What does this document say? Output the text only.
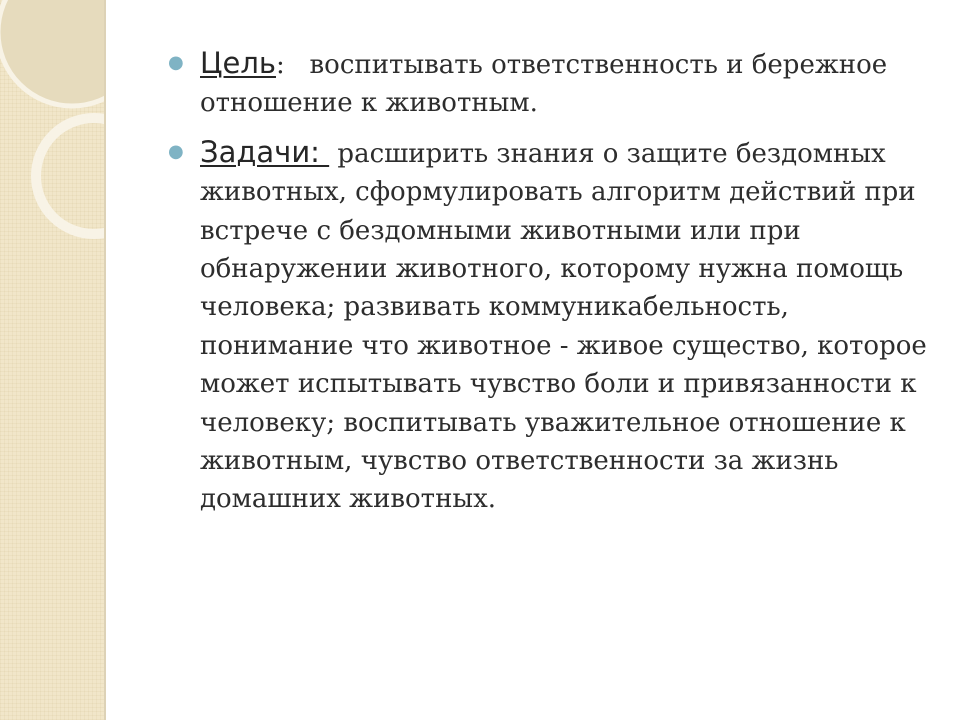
● Цель:   воспитывать ответственность и бережное отношение к животным.
● Задачи:  расширить знания о защите бездомных животных, сформулировать алгоритм действий при встрече с бездомными животными или при обнаружении животного, которому нужна помощь человека; развивать коммуникабельность, понимание что животное - живое существо, которое может испытывать чувство боли и привязанности к человеку; воспитывать уважительное отношение к животным, чувство ответственности за жизнь домашних животных.
